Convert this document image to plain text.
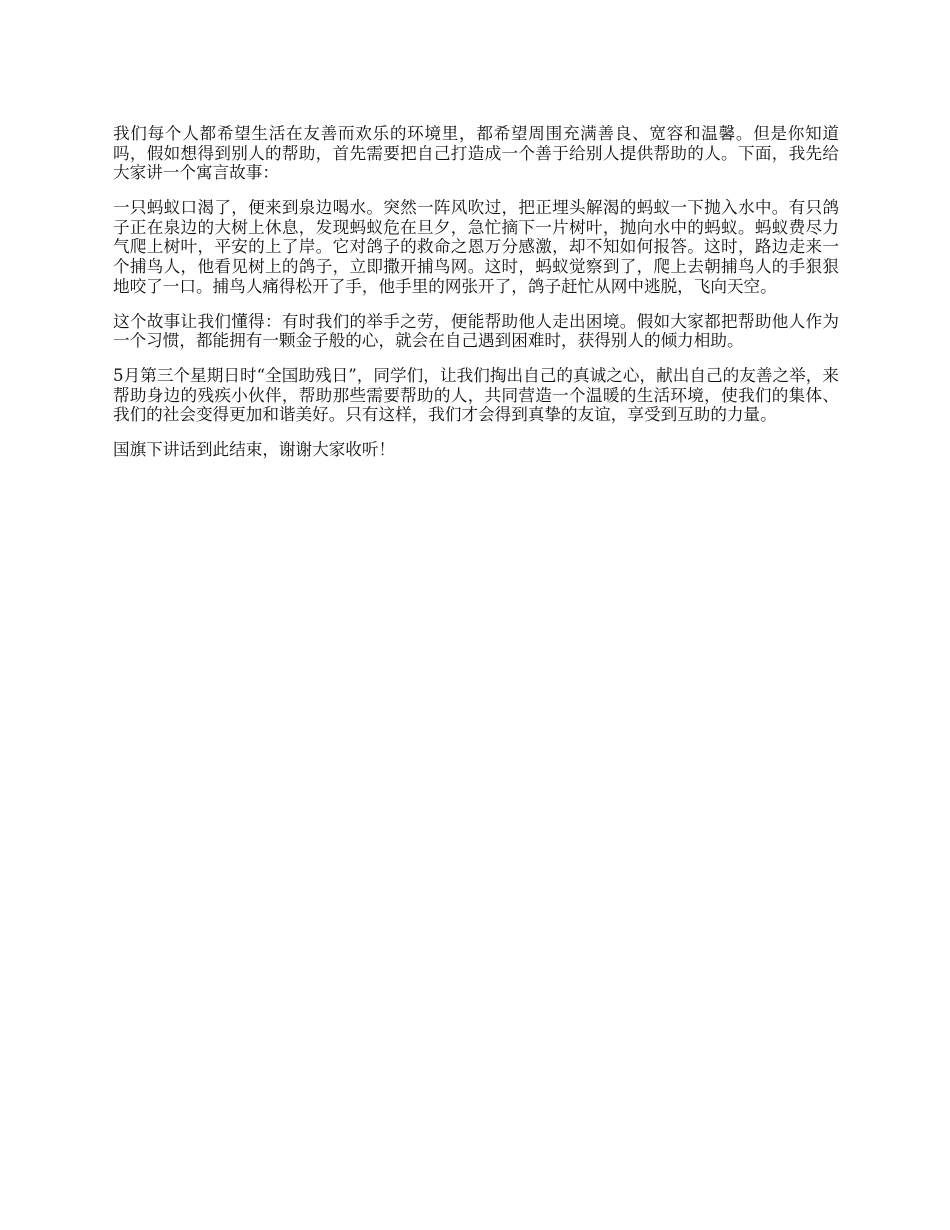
我们每个人都希望生活在友善而欢乐的环境里，都希望周围充满善良、宽容和温馨。但是你知道吗，假如想得到别人的帮助，首先需要把自己打造成一个善于给别人提供帮助的人。下面，我先给大家讲一个寓言故事：

一只蚂蚁口渴了，便来到泉边喝水。突然一阵风吹过，把正埋头解渴的蚂蚁一下抛入水中。有只鸽子正在泉边的大树上休息，发现蚂蚁危在旦夕，急忙摘下一片树叶，抛向水中的蚂蚁。蚂蚁费尽力气爬上树叶，平安的上了岸。它对鸽子的救命之恩万分感激，却不知如何报答。这时，路边走来一个捕鸟人，他看见树上的鸽子，立即撒开捕鸟网。这时，蚂蚁觉察到了，爬上去朝捕鸟人的手狠狠地咬了一口。捕鸟人痛得松开了手，他手里的网张开了，鸽子赶忙从网中逃脱，飞向天空。

这个故事让我们懂得：有时我们的举手之劳，便能帮助他人走出困境。假如大家都把帮助他人作为一个习惯，都能拥有一颗金子般的心，就会在自己遇到困难时，获得别人的倾力相助。

5月第三个星期日时“全国助残日”，同学们，让我们掏出自己的真诚之心，献出自己的友善之举，来帮助身边的残疾小伙伴，帮助那些需要帮助的人，共同营造一个温暖的生活环境，使我们的集体、我们的社会变得更加和谐美好。只有这样，我们才会得到真挚的友谊，享受到互助的力量。

国旗下讲话到此结束，谢谢大家收听！
